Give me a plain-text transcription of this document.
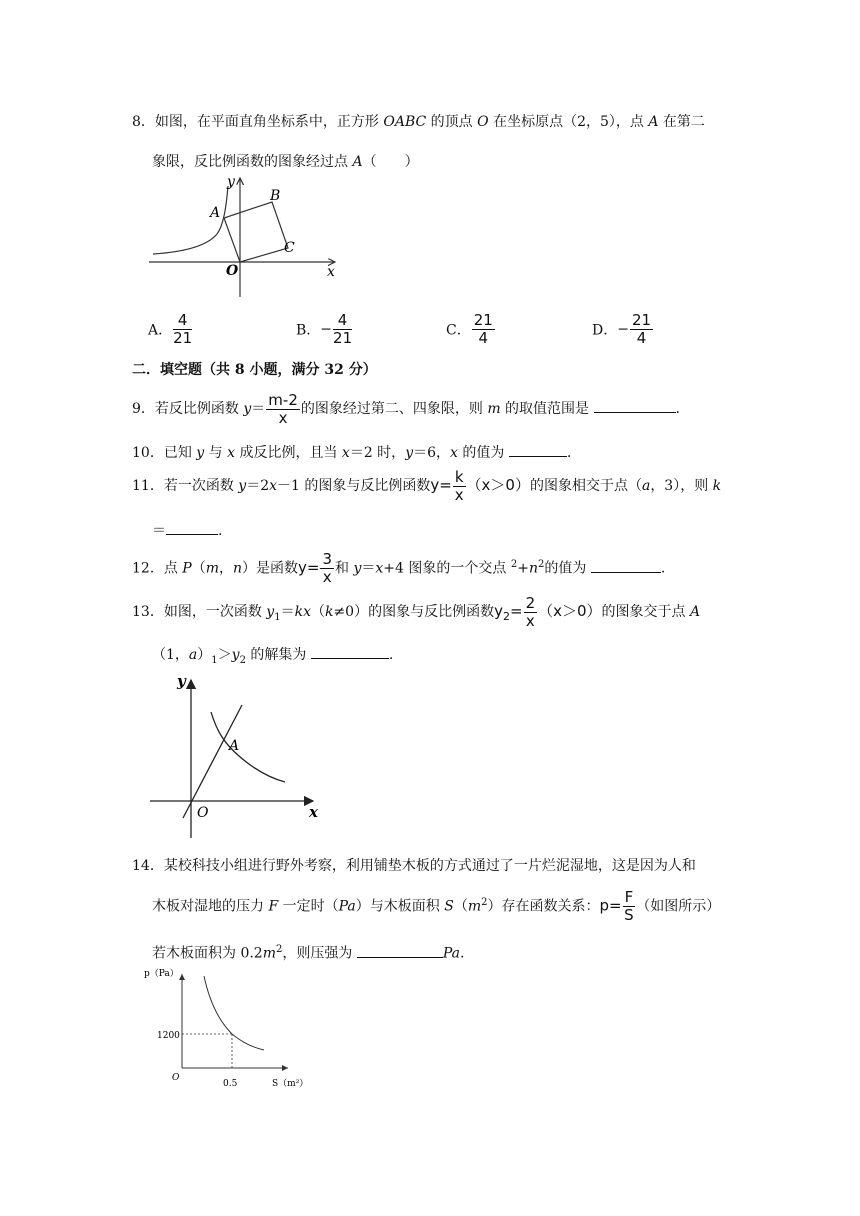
8．如图，在平面直角坐标系中，正方形 OABC 的顶点 O 在坐标原点（2，5），点 A 在第二
象限，反比例函数的图象经过点 A（　　）
y
x
A
B
C
O
A． $\frac{4}{21}$	B．− $\frac{4}{21}$	C． $\frac{21}{4}$	D．− $\frac{21}{4}$
二．填空题（共 8 小题，满分 32 分）
9．若反比例函数 $y= \frac{m-2}{x}$ 的图象经过第二、四象限，则 m 的取值范围是	.
10．已知 y 与 x 成反比例，且当 x＝2 时，y＝6，x 的值为	.
11．若一次函数 y＝2x－1 的图象与反比例函数$y= \frac{k}{x} (x>0)$的图象相交于点（a，3），则 k
＝	.
12．点 P（m，n）是函数$y= \frac{3}{x}$ 和 y＝x+4 图象的一个交点 $^2+n^2$的值为	.
13．如图，一次函数 $y_1=kx(k\ne 0)$的图象与反比例函数$y_2= \frac{2}{x} (x>0)$的图象交于点 A
（1，$a)_1>y_2$ 的解集为	.
y
x
A
O
14．某校科技小组进行野外考察，利用铺垫木板的方式通过了一片烂泥湿地，这是因为人和
木板对湿地的压力 F 一定时（Pa）与木板面积 $S(m^2)$存在函数关系：$p= \frac{F}{S}$ （如图所示）
若木板面积为 $0.2m^2$，则压强为	Pa.
p（Pa）
S（m²）
1200
0.5
O
